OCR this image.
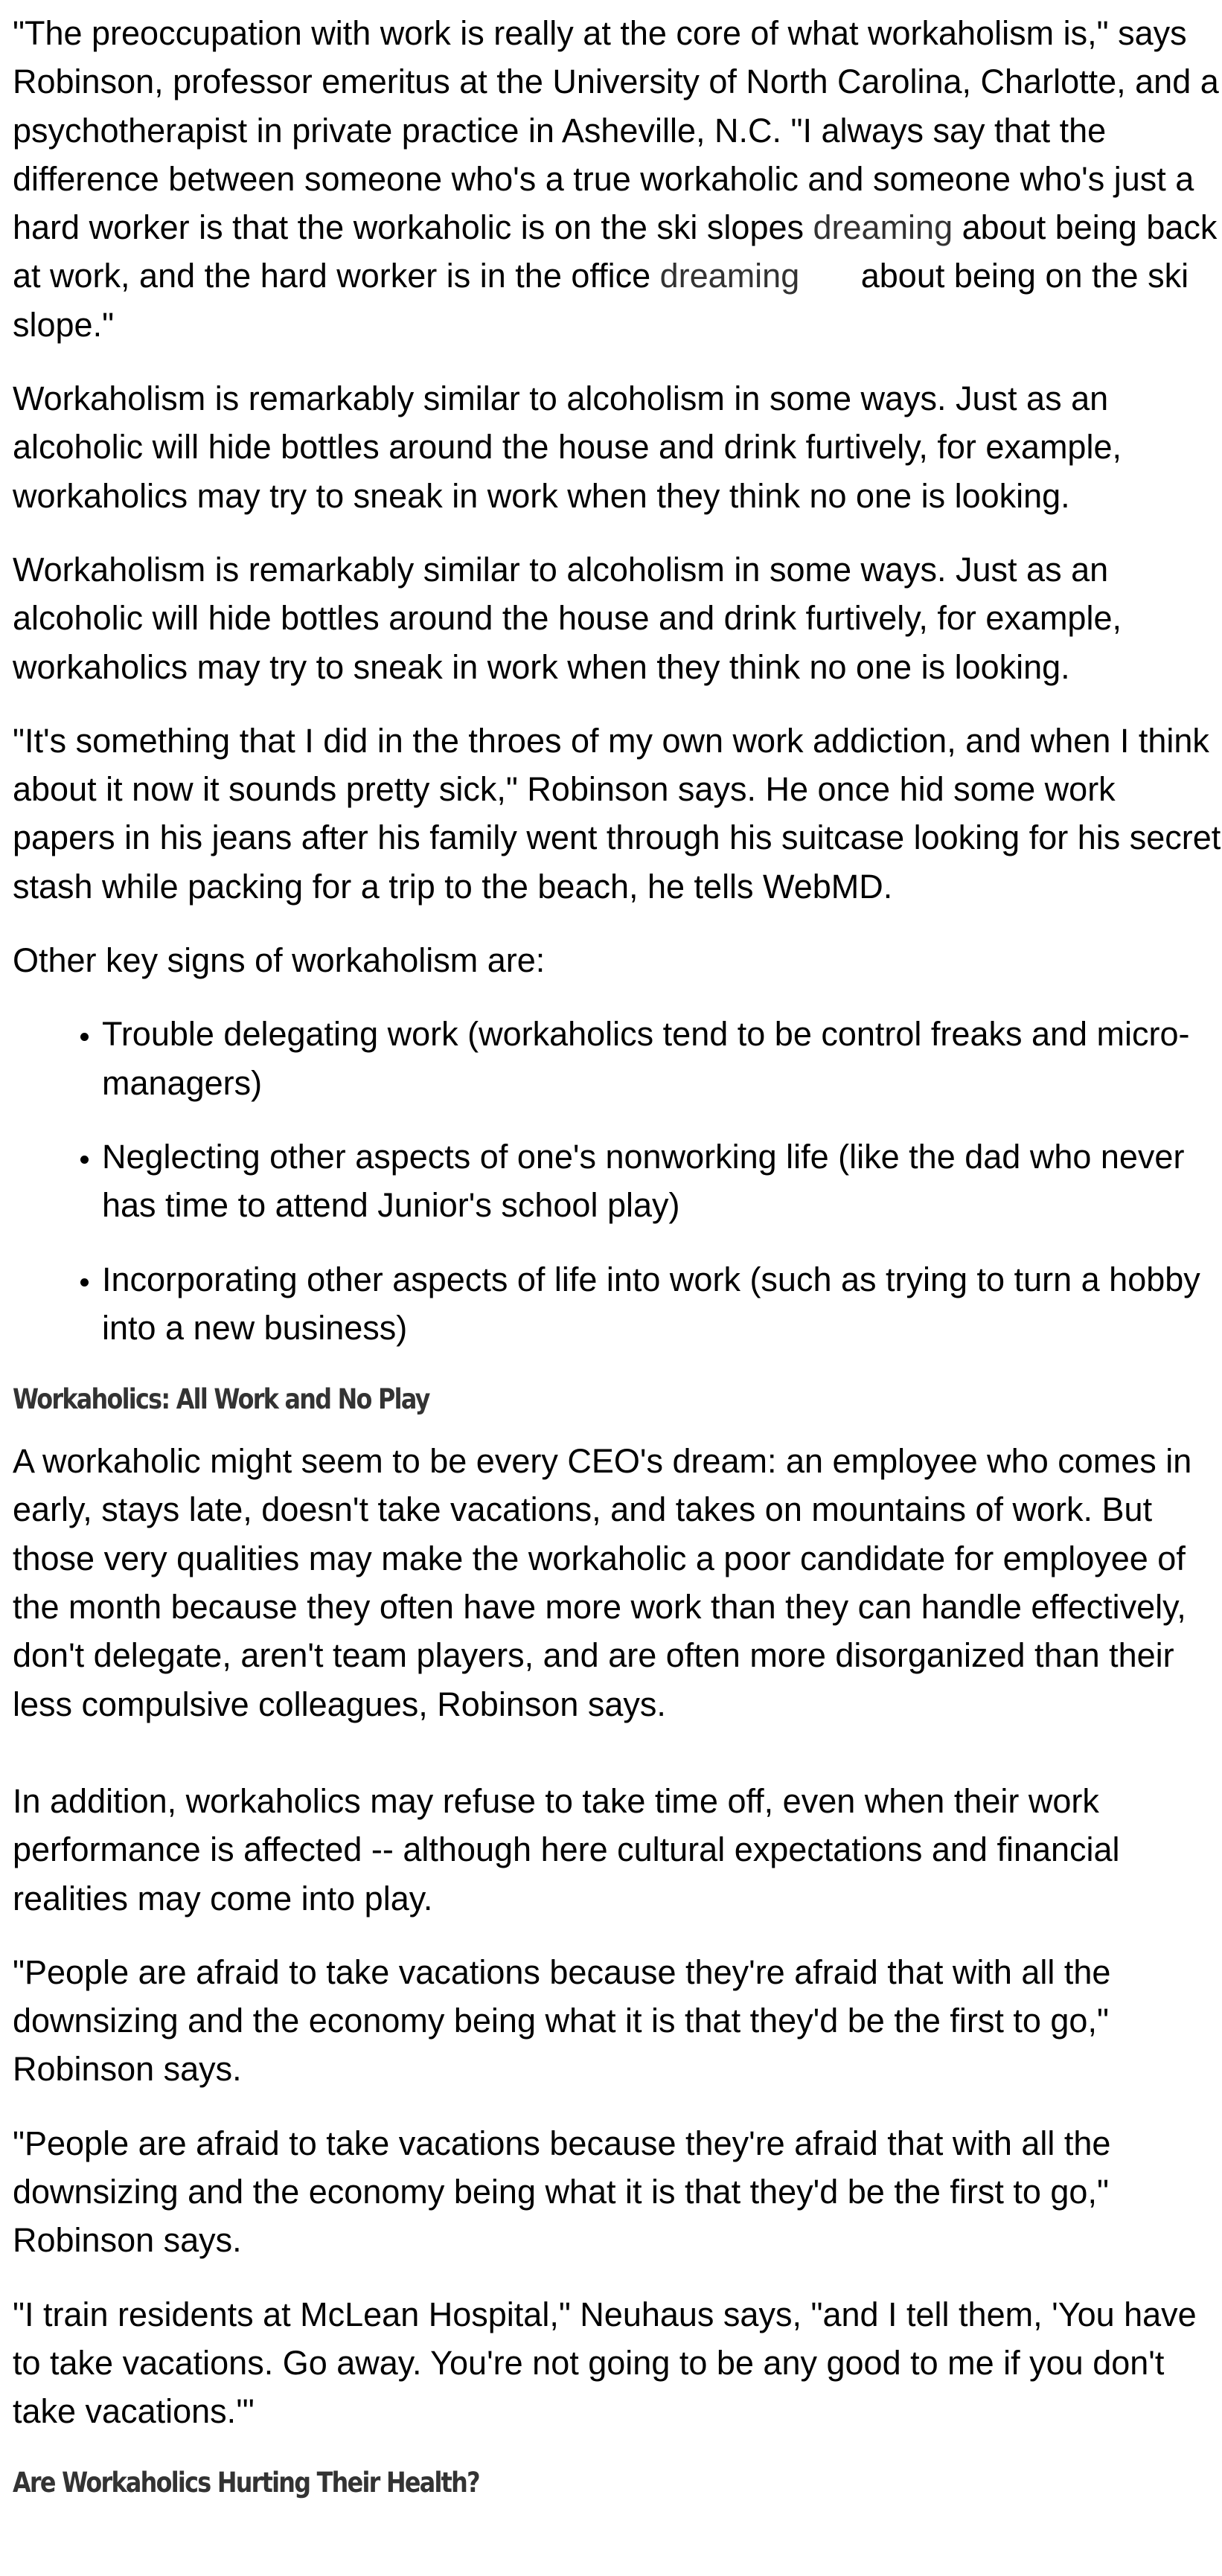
"The preoccupation with work is really at the core of what workaholism is," says Robinson, professor emeritus at the University of North Carolina, Charlotte, and a psychotherapist in private practice in Asheville, N.C. "I always say that the difference between someone who's a true workaholic and someone who's just a hard worker is that the workaholic is on the ski slopes dreaming about being back at work, and the hard worker is in the office dreaming about being on the ski slope."

Workaholism is remarkably similar to alcoholism in some ways. Just as an alcoholic will hide bottles around the house and drink furtively, for example, workaholics may try to sneak in work when they think no one is looking.

Workaholism is remarkably similar to alcoholism in some ways. Just as an alcoholic will hide bottles around the house and drink furtively, for example, workaholics may try to sneak in work when they think no one is looking.

"It's something that I did in the throes of my own work addiction, and when I think about it now it sounds pretty sick," Robinson says. He once hid some work papers in his jeans after his family went through his suitcase looking for his secret stash while packing for a trip to the beach, he tells WebMD.

Other key signs of workaholism are:

• Trouble delegating work (workaholics tend to be control freaks and micro-managers)
• Neglecting other aspects of one's nonworking life (like the dad who never has time to attend Junior's school play)
• Incorporating other aspects of life into work (such as trying to turn a hobby into a new business)
Workaholics: All Work and No Play

A workaholic might seem to be every CEO's dream: an employee who comes in early, stays late, doesn't take vacations, and takes on mountains of work. But those very qualities may make the workaholic a poor candidate for employee of the month because they often have more work than they can handle effectively, don't delegate, aren't team players, and are often more disorganized than their less compulsive colleagues, Robinson says.

In addition, workaholics may refuse to take time off, even when their work performance is affected -- although here cultural expectations and financial realities may come into play.

"People are afraid to take vacations because they're afraid that with all the downsizing and the economy being what it is that they'd be the first to go," Robinson says.

"People are afraid to take vacations because they're afraid that with all the downsizing and the economy being what it is that they'd be the first to go," Robinson says.

"I train residents at McLean Hospital," Neuhaus says, "and I tell them, 'You have to take vacations. Go away. You're not going to be any good to me if you don't take vacations.'"

Are Workaholics Hurting Their Health?
